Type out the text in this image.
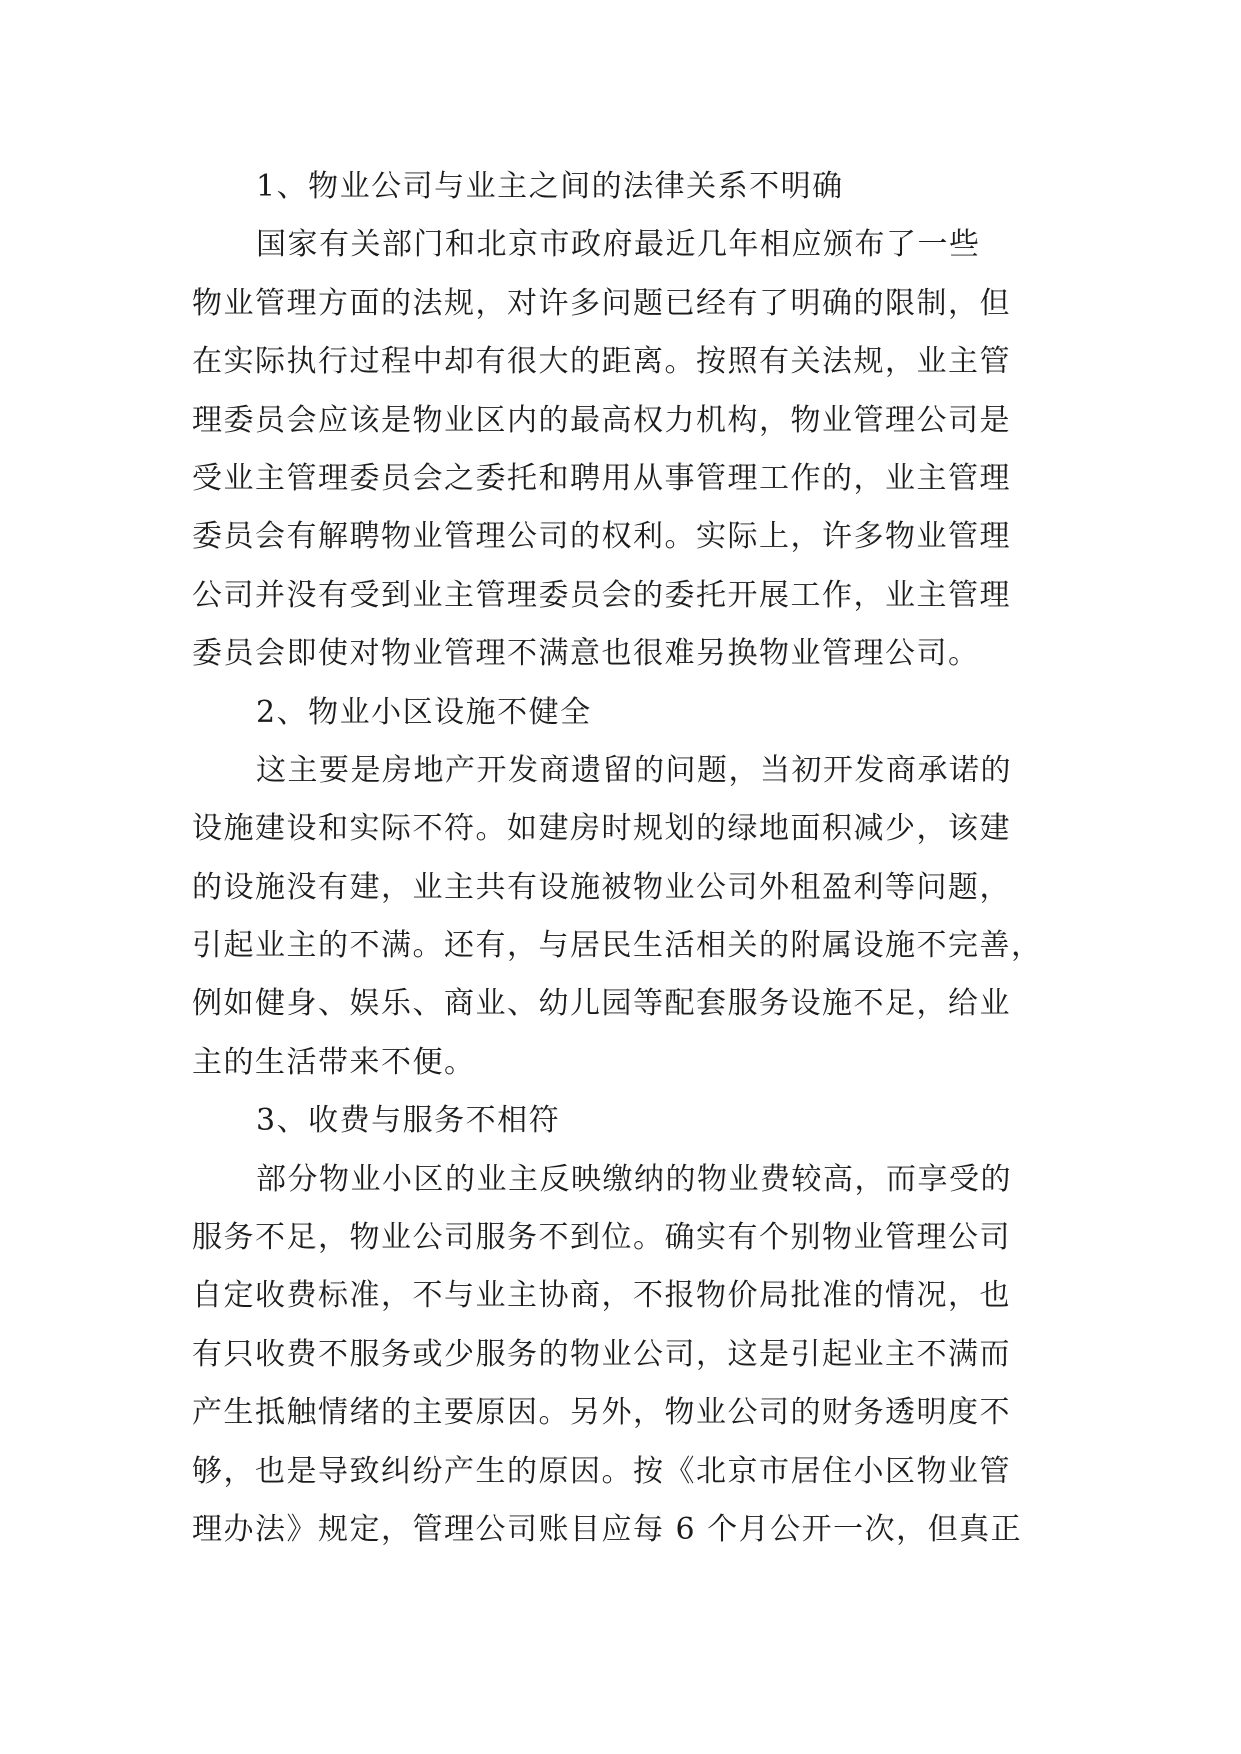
1、物业公司与业主之间的法律关系不明确
国家有关部门和北京市政府最近几年相应颁布了一些
物业管理方面的法规，对许多问题已经有了明确的限制，但
在实际执行过程中却有很大的距离。按照有关法规，业主管
理委员会应该是物业区内的最高权力机构，物业管理公司是
受业主管理委员会之委托和聘用从事管理工作的，业主管理
委员会有解聘物业管理公司的权利。实际上，许多物业管理
公司并没有受到业主管理委员会的委托开展工作，业主管理
委员会即使对物业管理不满意也很难另换物业管理公司。
2、物业小区设施不健全
这主要是房地产开发商遗留的问题，当初开发商承诺的
设施建设和实际不符。如建房时规划的绿地面积减少，该建
的设施没有建，业主共有设施被物业公司外租盈利等问题，
引起业主的不满。还有，与居民生活相关的附属设施不完善，
例如健身、娱乐、商业、幼儿园等配套服务设施不足，给业
主的生活带来不便。
3、收费与服务不相符
部分物业小区的业主反映缴纳的物业费较高，而享受的
服务不足，物业公司服务不到位。确实有个别物业管理公司
自定收费标准，不与业主协商，不报物价局批准的情况，也
有只收费不服务或少服务的物业公司，这是引起业主不满而
产生抵触情绪的主要原因。另外，物业公司的财务透明度不
够，也是导致纠纷产生的原因。按《北京市居住小区物业管
理办法》规定，管理公司账目应每 6 个月公开一次，但真正
